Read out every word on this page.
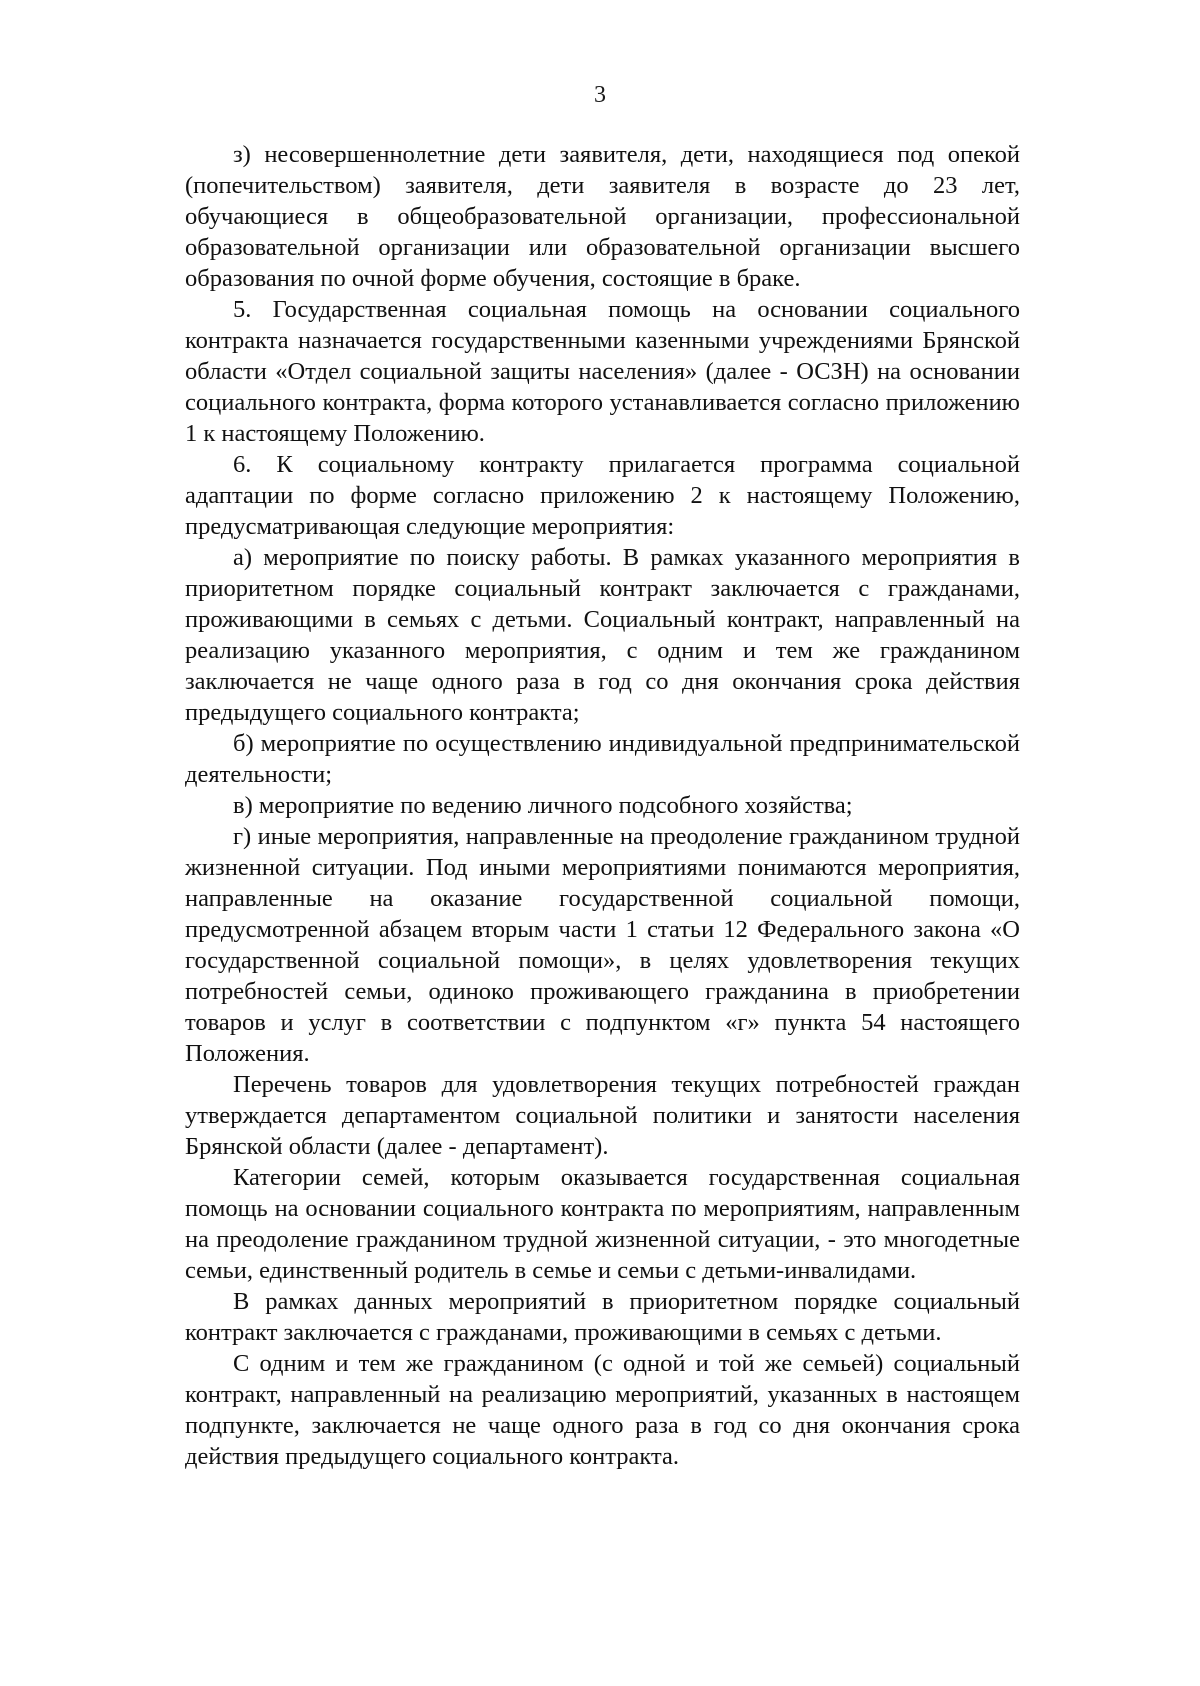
3

з) несовершеннолетние дети заявителя, дети, находящиеся под опекой (попечительством) заявителя, дети заявителя в возрасте до 23 лет, обучающиеся в общеобразовательной организации, профессиональной образовательной организации или образовательной организации высшего образования по очной форме обучения, состоящие в браке.

5. Государственная социальная помощь на основании социального контракта назначается государственными казенными учреждениями Брянской области «Отдел социальной защиты населения» (далее - ОСЗН) на основании социального контракта, форма которого устанавливается согласно приложению 1 к настоящему Положению.

6. К социальному контракту прилагается программа социальной адаптации по форме согласно приложению 2 к настоящему Положению, предусматривающая следующие мероприятия:

а) мероприятие по поиску работы. В рамках указанного мероприятия в приоритетном порядке социальный контракт заключается с гражданами, проживающими в семьях с детьми. Социальный контракт, направленный на реализацию указанного мероприятия, с одним и тем же гражданином заключается не чаще одного раза в год со дня окончания срока действия предыдущего социального контракта;

б) мероприятие по осуществлению индивидуальной предпринимательской деятельности;

в) мероприятие по ведению личного подсобного хозяйства;

г) иные мероприятия, направленные на преодоление гражданином трудной жизненной ситуации. Под иными мероприятиями понимаются мероприятия, направленные на оказание государственной социальной помощи, предусмотренной абзацем вторым части 1 статьи 12 Федерального закона «О государственной социальной помощи», в целях удовлетворения текущих потребностей семьи, одиноко проживающего гражданина в приобретении товаров и услуг в соответствии с подпунктом «г» пункта 54 настоящего Положения.

Перечень товаров для удовлетворения текущих потребностей граждан утверждается департаментом социальной политики и занятости населения Брянской области (далее - департамент).

Категории семей, которым оказывается государственная социальная помощь на основании социального контракта по мероприятиям, направленным на преодоление гражданином трудной жизненной ситуации, - это многодетные семьи, единственный родитель в семье и семьи с детьми-инвалидами.

В рамках данных мероприятий в приоритетном порядке социальный контракт заключается с гражданами, проживающими в семьях с детьми.

С одним и тем же гражданином (с одной и той же семьей) социальный контракт, направленный на реализацию мероприятий, указанных в настоящем подпункте, заключается не чаще одного раза в год со дня окончания срока действия предыдущего социального контракта.
